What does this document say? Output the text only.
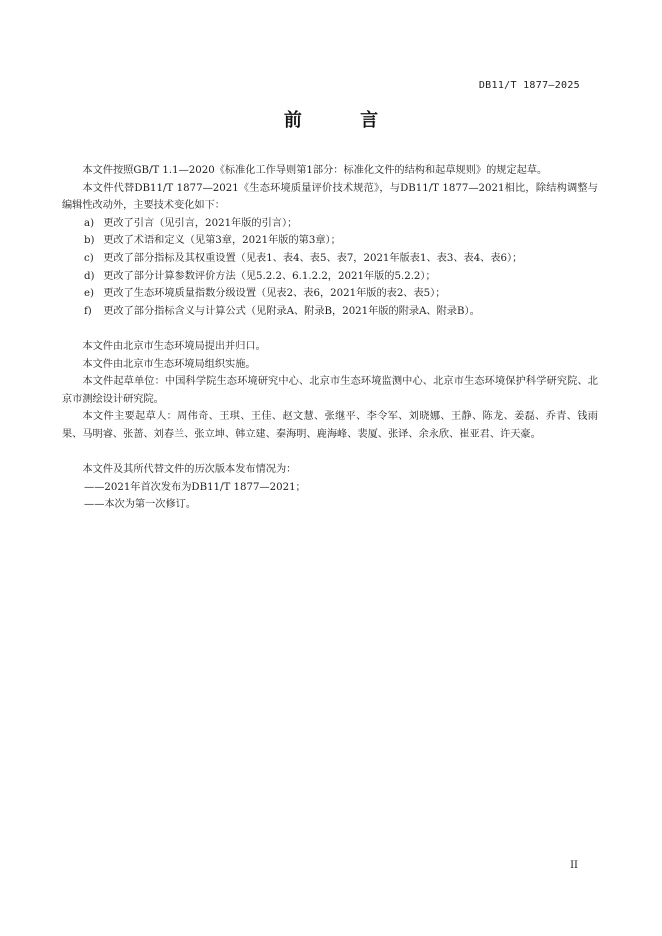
DB11/T 1877—2025
前 言

本文件按照GB/T 1.1—2020《标准化工作导则第1部分：标准化文件的结构和起草规则》的规定起草。

本文件代替DB11/T 1877—2021《生态环境质量评价技术规范》，与DB11/T 1877—2021相比，除结构调整与编辑性改动外，主要技术变化如下：

a) 更改了引言（见引言，2021年版的引言）；
b) 更改了术语和定义（见第3章，2021年版的第3章）；
c) 更改了部分指标及其权重设置（见表1、表4、表5、表7，2021年版表1、表3、表4、表6）；
d) 更改了部分计算参数评价方法（见5.2.2、6.1.2.2，2021年版的5.2.2）；
e) 更改了生态环境质量指数分级设置（见表2、表6，2021年版的表2、表5）；
f) 更改了部分指标含义与计算公式（见附录A、附录B，2021年版的附录A、附录B）。

本文件由北京市生态环境局提出并归口。

本文件由北京市生态环境局组织实施。

本文件起草单位：中国科学院生态环境研究中心、北京市生态环境监测中心、北京市生态环境保护科学研究院、北京市测绘设计研究院。

本文件主要起草人：周伟奇、王琪、王佳、赵文慧、张继平、李令军、刘晓娜、王静、陈龙、姜磊、乔青、钱雨果、马明睿、张蔷、刘春兰、张立坤、韩立建、秦海明、鹿海峰、裴厦、张译、余永欣、崔亚君、许天豪。

本文件及其所代替文件的历次版本发布情况为：

——2021年首次发布为DB11/T 1877—2021；

——本次为第一次修订。

II
